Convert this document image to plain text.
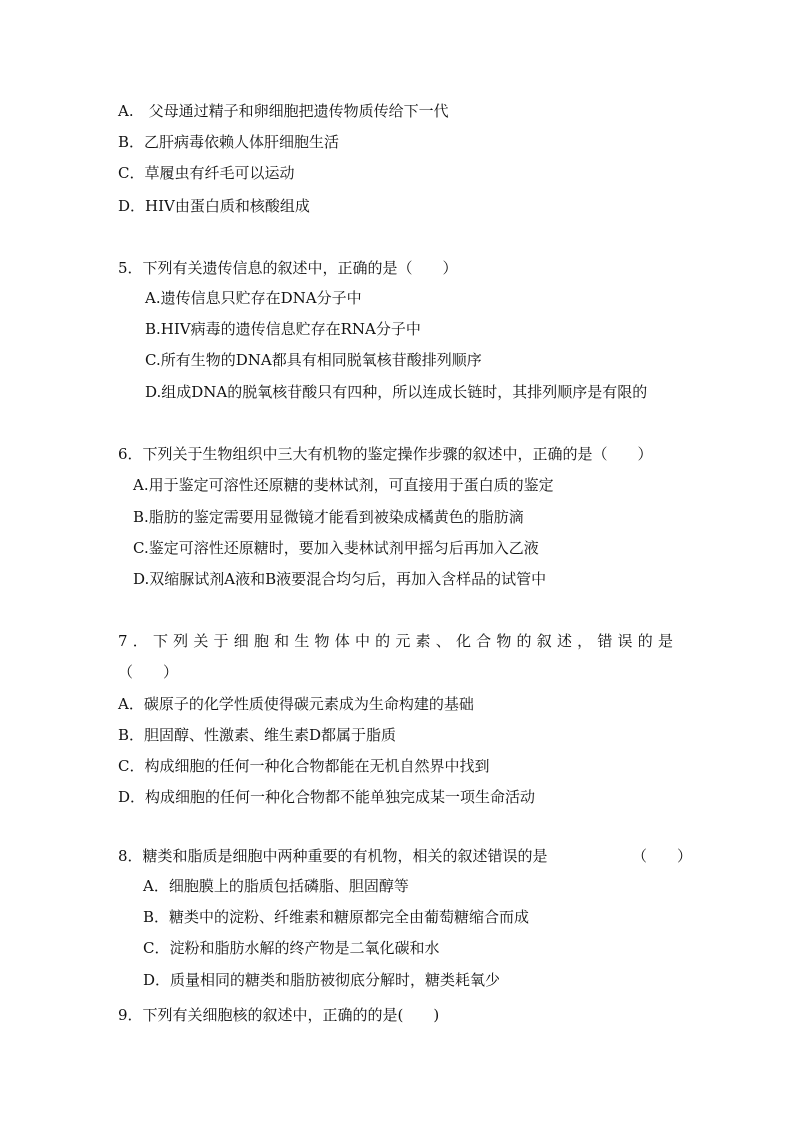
A.　父母通过精子和卵细胞把遗传物质传给下一代
B．乙肝病毒依赖人体肝细胞生活
C．草履虫有纤毛可以运动
D．HIV由蛋白质和核酸组成
5．下列有关遗传信息的叙述中，正确的是（　　）
A.遗传信息只贮存在DNA分子中
B.HIV病毒的遗传信息贮存在RNA分子中
C.所有生物的DNA都具有相同脱氧核苷酸排列顺序
D.组成DNA的脱氧核苷酸只有四种，所以连成长链时，其排列顺序是有限的
6．下列关于生物组织中三大有机物的鉴定操作步骤的叙述中，正确的是（　　）
A.用于鉴定可溶性还原糖的斐林试剂，可直接用于蛋白质的鉴定
B.脂肪的鉴定需要用显微镜才能看到被染成橘黄色的脂肪滴
C.鉴定可溶性还原糖时，要加入斐林试剂甲摇匀后再加入乙液
D.双缩脲试剂A液和B液要混合均匀后，再加入含样品的试管中
7．下列关于细胞和生物体中的元素、化合物的叙述，错误的是
（　　）
A．碳原子的化学性质使得碳元素成为生命构建的基础
B．胆固醇、性激素、维生素D都属于脂质
C．构成细胞的任何一种化合物都能在无机自然界中找到
D．构成细胞的任何一种化合物都不能单独完成某一项生命活动
8．糖类和脂质是细胞中两种重要的有机物，相关的叙述错误的是	（　　）
A．细胞膜上的脂质包括磷脂、胆固醇等
B．糖类中的淀粉、纤维素和糖原都完全由葡萄糖缩合而成
C．淀粉和脂肪水解的终产物是二氧化碳和水
D．质量相同的糖类和脂肪被彻底分解时，糖类耗氧少
9．下列有关细胞核的叙述中，正确的的是(　　)
